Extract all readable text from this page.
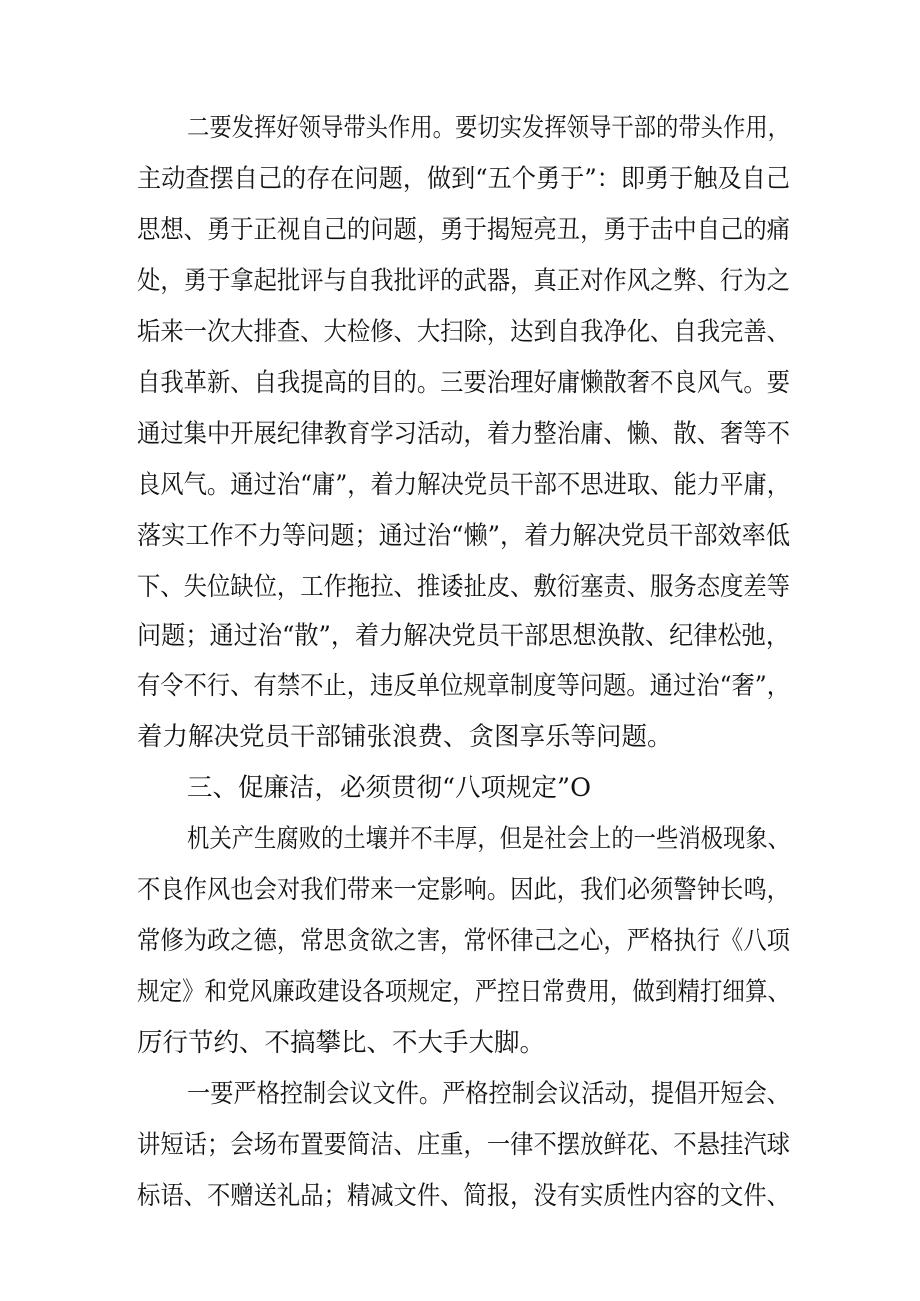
二要发挥好领导带头作用。要切实发挥领导干部的带头作用，
主动查摆自己的存在问题，做到“五个勇于”：即勇于触及自己
思想、勇于正视自己的问题，勇于揭短亮丑，勇于击中自己的痛
处，勇于拿起批评与自我批评的武器，真正对作风之弊、行为之
垢来一次大排查、大检修、大扫除，达到自我净化、自我完善、
自我革新、自我提高的目的。三要治理好庸懒散奢不良风气。要
通过集中开展纪律教育学习活动，着力整治庸、懒、散、奢等不
良风气。通过治“庸”，着力解决党员干部不思进取、能力平庸，
落实工作不力等问题；通过治“懒”，着力解决党员干部效率低
下、失位缺位，工作拖拉、推诿扯皮、敷衍塞责、服务态度差等
问题；通过治“散”，着力解决党员干部思想涣散、纪律松弛，
有令不行、有禁不止，违反单位规章制度等问题。通过治“奢”，
着力解决党员干部铺张浪费、贪图享乐等问题。
三、促廉洁，必须贯彻“八项规定”O
机关产生腐败的土壤并不丰厚，但是社会上的一些消极现象、
不良作风也会对我们带来一定影响。因此，我们必须警钟长鸣，
常修为政之德，常思贪欲之害，常怀律己之心，严格执行《八项
规定》和党风廉政建设各项规定，严控日常费用，做到精打细算、
厉行节约、不搞攀比、不大手大脚。
一要严格控制会议文件。严格控制会议活动，提倡开短会、
讲短话；会场布置要简洁、庄重，一律不摆放鲜花、不悬挂汽球
标语、不赠送礼品；精减文件、简报，没有实质性内容的文件、
